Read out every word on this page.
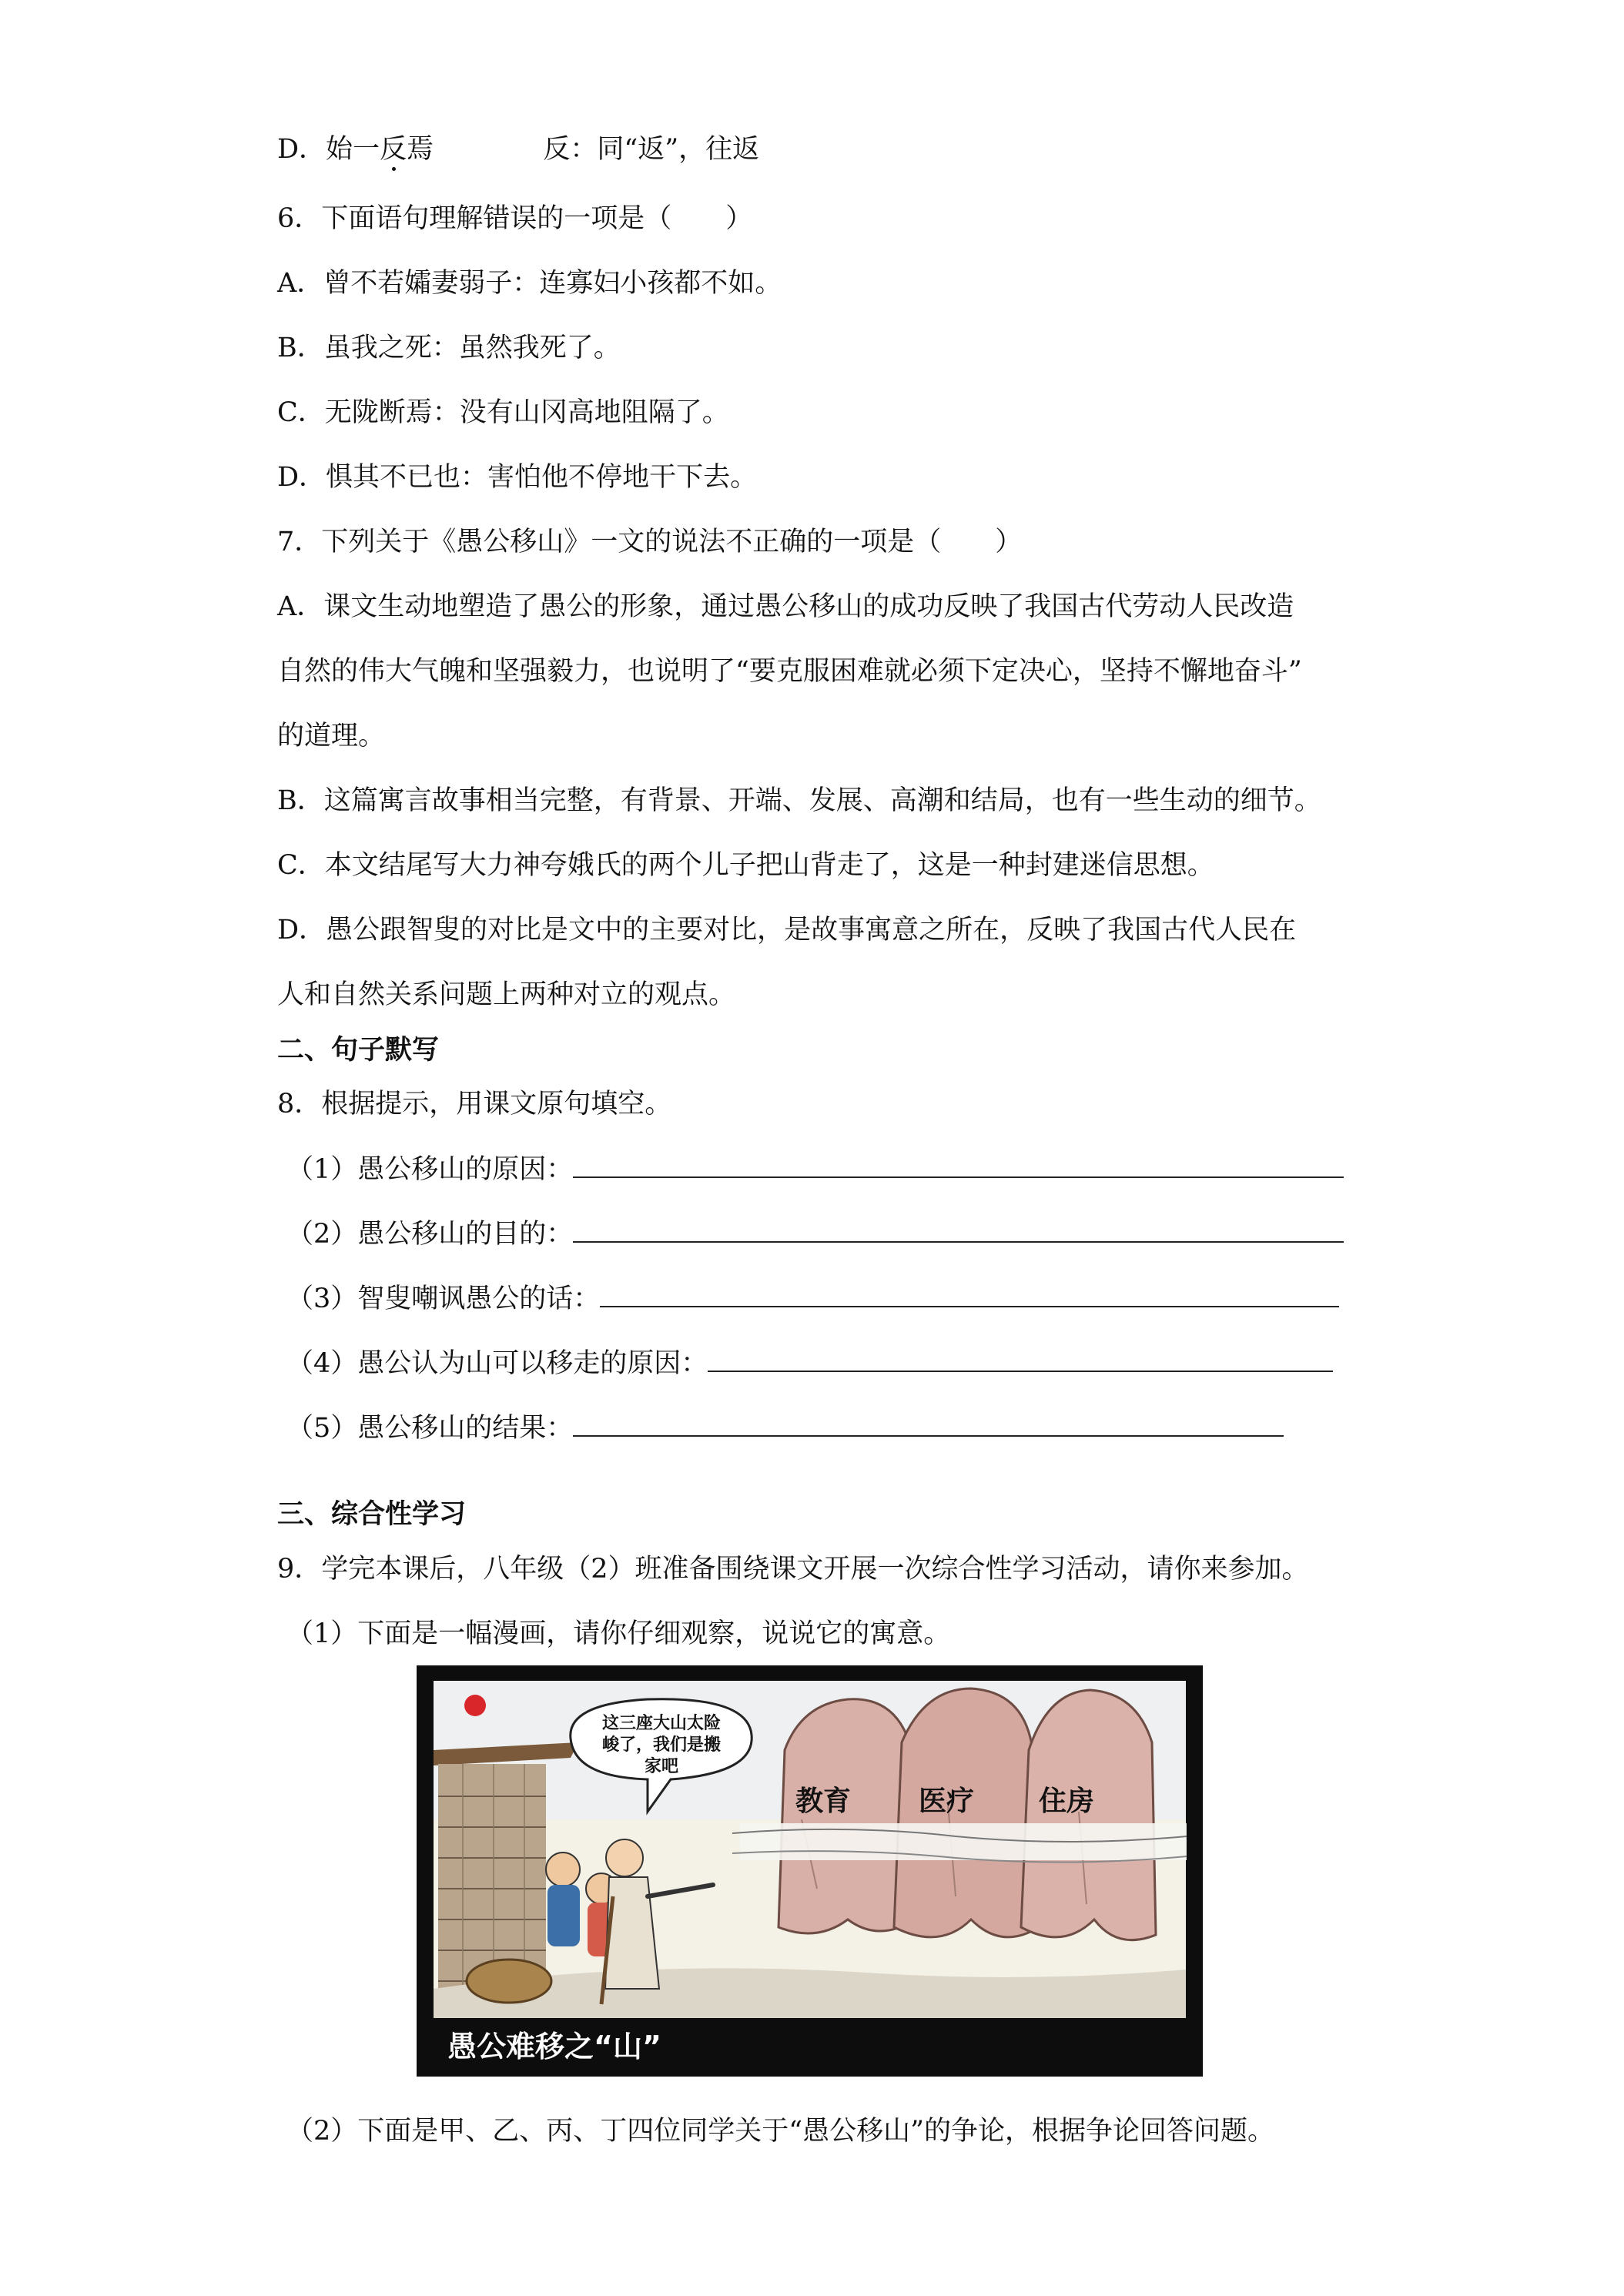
D．始一反焉	反：同“返”，往返
6．下面语句理解错误的一项是（　　）
A．曾不若孀妻弱子：连寡妇小孩都不如。
B．虽我之死：虽然我死了。
C．无陇断焉：没有山冈高地阻隔了。
D．惧其不已也：害怕他不停地干下去。
7．下列关于《愚公移山》一文的说法不正确的一项是（　　）
A．课文生动地塑造了愚公的形象，通过愚公移山的成功反映了我国古代劳动人民改造
自然的伟大气魄和坚强毅力，也说明了“要克服困难就必须下定决心，坚持不懈地奋斗”
的道理。
B．这篇寓言故事相当完整，有背景、开端、发展、高潮和结局，也有一些生动的细节。
C．本文结尾写大力神夸娥氏的两个儿子把山背走了，这是一种封建迷信思想。
D．愚公跟智叟的对比是文中的主要对比，是故事寓意之所在，反映了我国古代人民在
人和自然关系问题上两种对立的观点。
二、句子默写
8．根据提示，用课文原句填空。
（1）愚公移山的原因：
（2）愚公移山的目的：
（3）智叟嘲讽愚公的话：
（4）愚公认为山可以移走的原因：
（5）愚公移山的结果：
三、综合性学习
9．学完本课后，八年级（2）班准备围绕课文开展一次综合性学习活动，请你来参加。
（1）下面是一幅漫画，请你仔细观察，说说它的寓意。
教育 医疗 住房
这三座大山太险
峻了，我们是搬
家吧
愚公难移之“山”
（2）下面是甲、乙、丙、丁四位同学关于“愚公移山”的争论，根据争论回答问题。
